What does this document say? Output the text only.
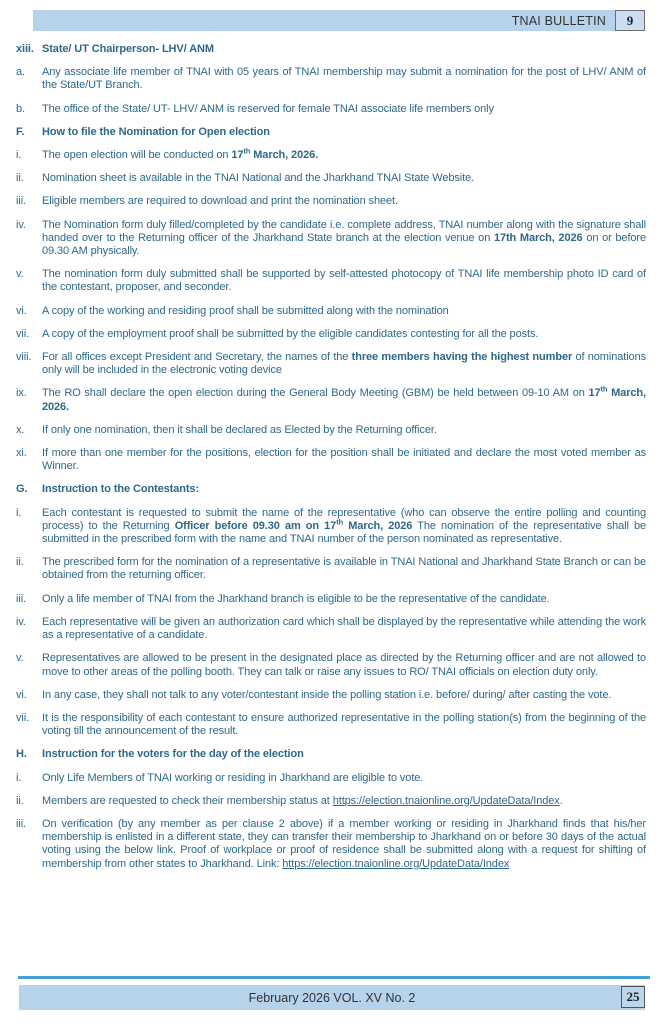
TNAI BULLETIN	9
xiii. State/ UT Chairperson- LHV/ ANM
a.	Any associate life member of TNAI with 05 years of TNAI membership may submit a nomination for the post of LHV/ ANM of the State/UT Branch.
b.	The office of the State/ UT- LHV/ ANM is reserved for female TNAI associate life members only
F.	How to file the Nomination for Open election
i.	The open election will be conducted on 17th March, 2026.
ii.	Nomination sheet is available in the TNAI National and the Jharkhand TNAI State Website.
iii.	Eligible members are required to download and print the nomination sheet.
iv.	The Nomination form duly filled/completed by the candidate i.e. complete address, TNAI number along with the signature shall handed over to the Returning officer of the Jharkhand State branch at the election venue on 17th March, 2026 on or before 09.30 AM physically.
v.	The nomination form duly submitted shall be supported by self-attested photocopy of TNAI life membership photo ID card of the contestant, proposer, and seconder.
vi.	A copy of the working and residing proof shall be submitted along with the nomination
vii.	A copy of the employment proof shall be submitted by the eligible candidates contesting for all the posts.
viii. For all offices except President and Secretary, the names of the three members having the highest number of nominations only will be included in the electronic voting device
ix.	The RO shall declare the open election during the General Body Meeting (GBM) be held between 09-10 AM on 17th March, 2026.
x.	If only one nomination, then it shall be declared as Elected by the Returning officer.
xi.	If more than one member for the positions, election for the position shall be initiated and declare the most voted member as Winner.
G.	Instruction to the Contestants:
i.	Each contestant is requested to submit the name of the representative (who can observe the entire polling and counting process) to the Returning Officer before 09.30 am on 17th March, 2026 The nomination of the representative shall be submitted in the prescribed form with the name and TNAI number of the person nominated as representative.
ii.	The prescribed form for the nomination of a representative is available in TNAI National and Jharkhand State Branch or can be obtained from the returning officer.
iii.	Only a life member of TNAI from the Jharkhand branch is eligible to be the representative of the candidate.
iv.	Each representative will be given an authorization card which shall be displayed by the representative while attending the work as a representative of a candidate.
v.	Representatives are allowed to be present in the designated place as directed by the Returning officer and are not allowed to move to other areas of the polling booth. They can talk or raise any issues to RO/ TNAI officials on election duty only.
vi.	In any case, they shall not talk to any voter/contestant inside the polling station i.e. before/ during/ after casting the vote.
vii.	It is the responsibility of each contestant to ensure authorized representative in the polling station(s) from the beginning of the voting till the announcement of the result.
H.	Instruction for the voters for the day of the election
i.	Only Life Members of TNAI working or residing in Jharkhand are eligible to vote.
ii.	Members are requested to check their membership status at https://election.tnaionline.org/UpdateData/Index.
iii.	On verification (by any member as per clause 2 above) if a member working or residing in Jharkhand finds that his/her membership is enlisted in a different state, they can transfer their membership to Jharkhand on or before 30 days of the actual voting using the below link. Proof of workplace or proof of residence shall be submitted along with a request for shifting of membership from other states to Jharkhand. Link: https://election.tnaionline.org/UpdateData/Index
February 2026 VOL. XV No. 2	25
